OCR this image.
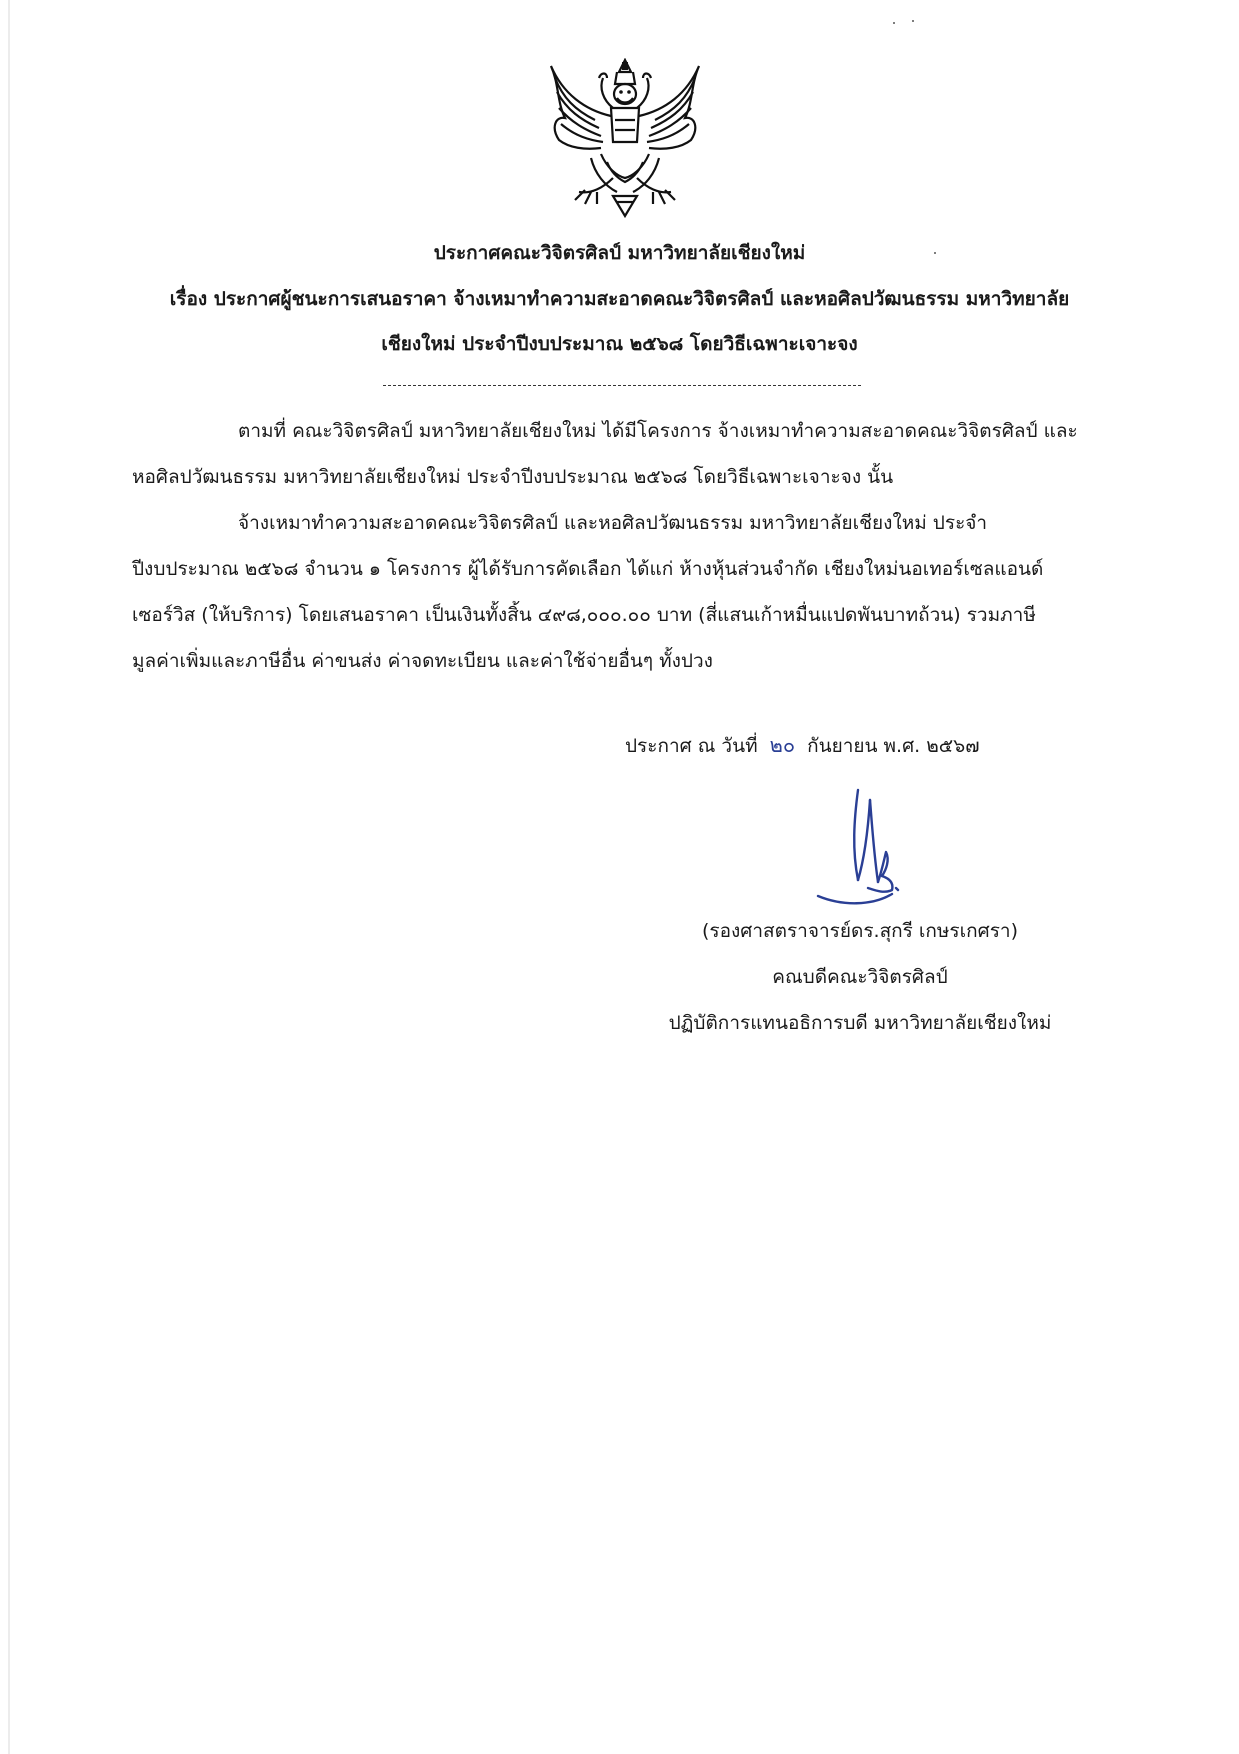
ประกาศคณะวิจิตรศิลป์ มหาวิทยาลัยเชียงใหม่
เรื่อง ประกาศผู้ชนะการเสนอราคา จ้างเหมาทำความสะอาดคณะวิจิตรศิลป์ และหอศิลปวัฒนธรรม มหาวิทยาลัย
เชียงใหม่ ประจำปีงบประมาณ ๒๕๖๘ โดยวิธีเฉพาะเจาะจง
ตามที่ คณะวิจิตรศิลป์ มหาวิทยาลัยเชียงใหม่ ได้มีโครงการ จ้างเหมาทำความสะอาดคณะวิจิตรศิลป์ และ
หอศิลปวัฒนธรรม มหาวิทยาลัยเชียงใหม่ ประจำปีงบประมาณ ๒๕๖๘ โดยวิธีเฉพาะเจาะจง นั้น
จ้างเหมาทำความสะอาดคณะวิจิตรศิลป์ และหอศิลปวัฒนธรรม มหาวิทยาลัยเชียงใหม่ ประจำ
ปีงบประมาณ ๒๕๖๘ จำนวน ๑ โครงการ ผู้ได้รับการคัดเลือก ได้แก่ ห้างหุ้นส่วนจำกัด เชียงใหม่นอเทอร์เซลแอนด์
เซอร์วิส (ให้บริการ) โดยเสนอราคา เป็นเงินทั้งสิ้น ๔๙๘,๐๐๐.๐๐ บาท (สี่แสนเก้าหมื่นแปดพันบาทถ้วน) รวมภาษี
มูลค่าเพิ่มและภาษีอื่น ค่าขนส่ง ค่าจดทะเบียน และค่าใช้จ่ายอื่นๆ ทั้งปวง
ประกาศ ณ วันที่ ๒๐ กันยายน พ.ศ. ๒๕๖๗
(รองศาสตราจารย์ดร.สุกรี เกษรเกศรา)
คณบดีคณะวิจิตรศิลป์
ปฏิบัติการแทนอธิการบดี มหาวิทยาลัยเชียงใหม่
